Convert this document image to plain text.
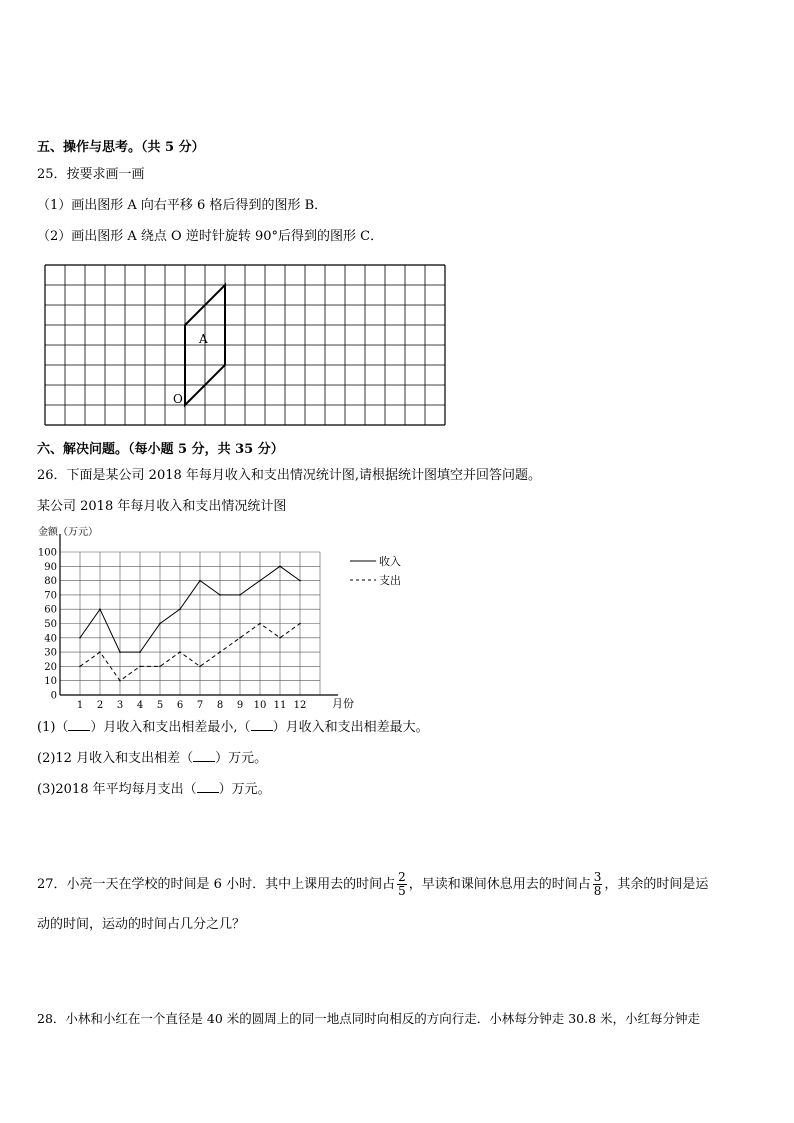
五、操作与思考。（共 5 分）
25．按要求画一画
（1）画出图形 A 向右平移 6 格后得到的图形 B．
（2）画出图形 A 绕点 O 逆时针旋转 90°后得到的图形 C．
A
O
六、解决问题。（每小题 5 分，共 35 分）
26．下面是某公司 2018 年每月收入和支出情况统计图,请根据统计图填空并回答问题。
某公司 2018 年每月收入和支出情况统计图
金额（万元）
0
10
20
30
40
50
60
70
80
90
100
1 2 3 4 5 6 7 8 9 10 11 12 月份
收入
支出
(1)（ ）月收入和支出相差最小,（ ）月收入和支出相差最大。
(2)12 月收入和支出相差（ ）万元。
(3)2018 年平均每月支出（ ）万元。
27．小亮一天在学校的时间是 6 小时．其中上课用去的时间占 $\frac{2}{5}$ ，早读和课间休息用去的时间占 $\frac{3}{8}$ ，其余的时间是运
动的时间，运动的时间占几分之几？
28．小林和小红在一个直径是 40 米的圆周上的同一地点同时向相反的方向行走．小林每分钟走 30.8 米，小红每分钟走
